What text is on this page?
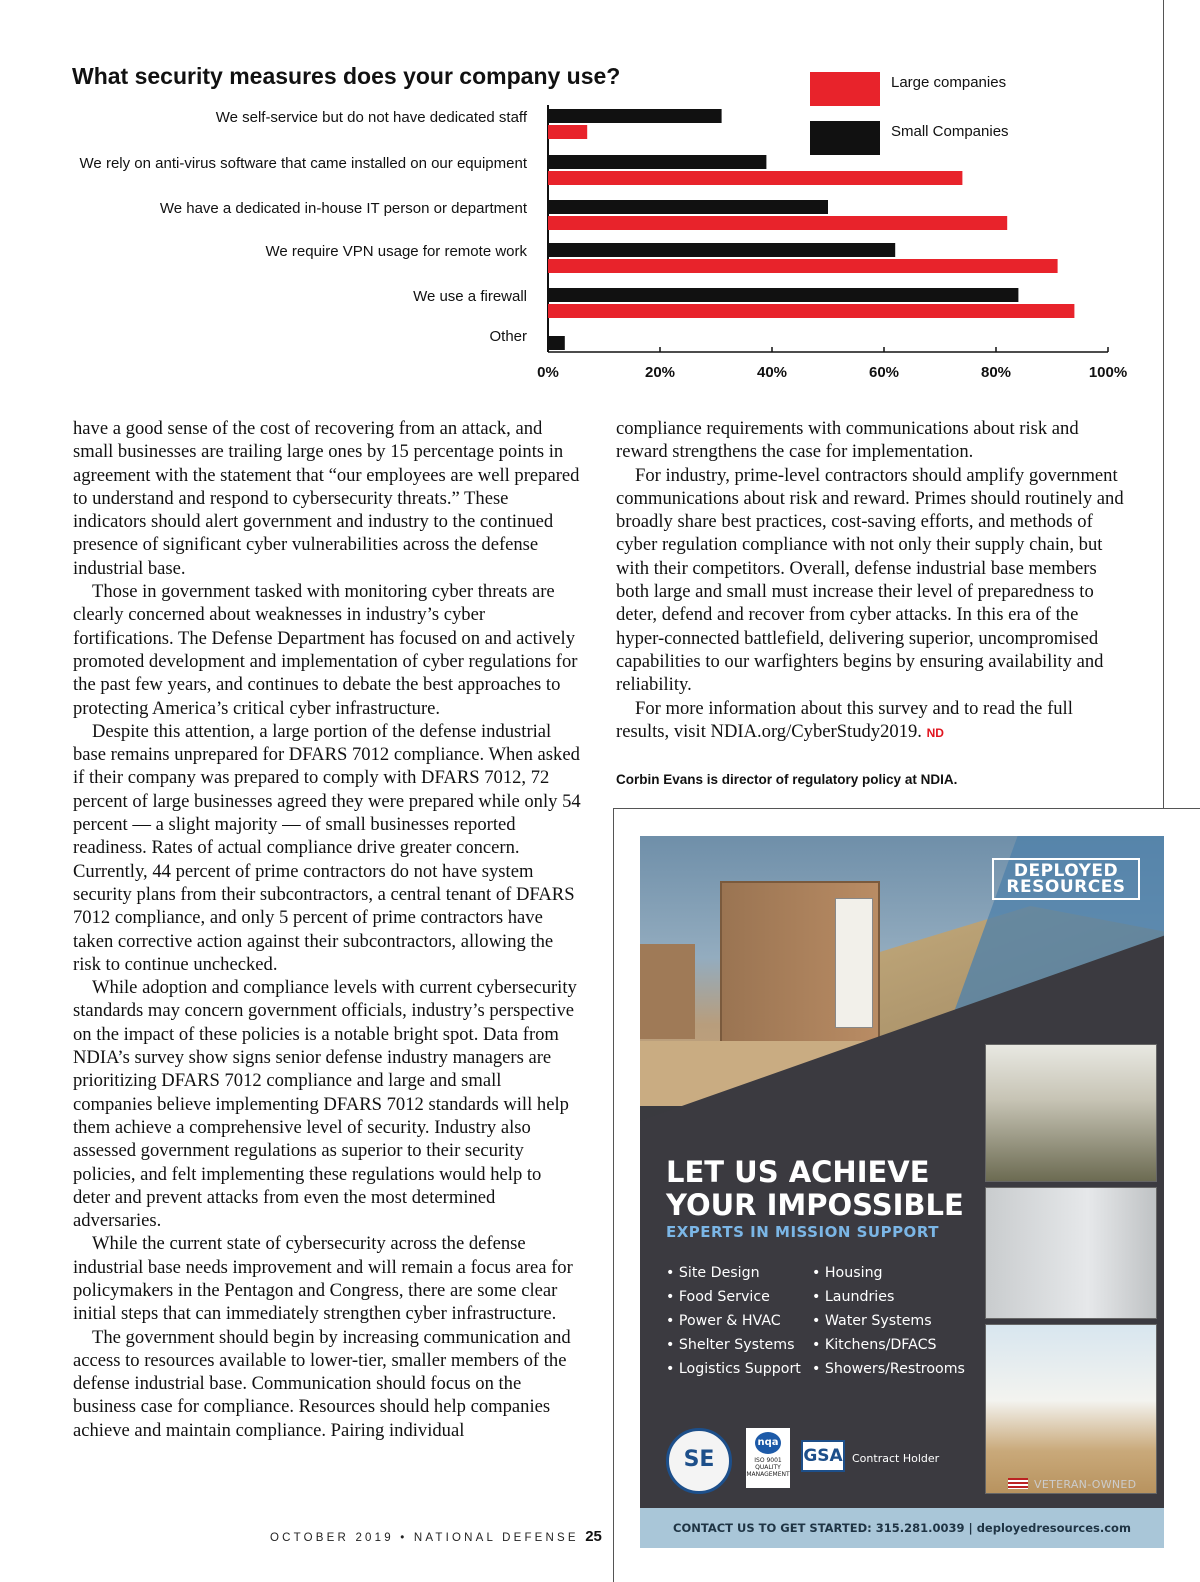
What security measures does your company use?
0%	20%	40%	60%	80%	100%
We self-service but do not have dedicated staff
We rely on anti-virus software that came installed on our equipment
We have a dedicated in-house IT person or department
We require VPN usage for remote work
We use a firewall
Other
Large companies
Small Companies

have a good sense of the cost of recovering from an attack, and small businesses are trailing large ones by 15 percentage points in agreement with the statement that “our employees are well prepared to understand and respond to cybersecurity threats.” These indicators should alert government and industry to the continued presence of significant cyber vulnerabilities across the defense industrial base.

Those in government tasked with monitoring cyber threats are clearly concerned about weaknesses in industry’s cyber fortifications. The Defense Department has focused on and actively promoted development and implementation of cyber regulations for the past few years, and continues to debate the best approaches to protecting America’s critical cyber infrastructure.

Despite this attention, a large portion of the defense industrial base remains unprepared for DFARS 7012 compliance. When asked if their company was prepared to comply with DFARS 7012, 72 percent of large businesses agreed they were prepared while only 54 percent — a slight majority — of small businesses reported readiness. Rates of actual compliance drive greater concern. Currently, 44 percent of prime contractors do not have system security plans from their subcontractors, a central tenant of DFARS 7012 compliance, and only 5 percent of prime contractors have taken corrective action against their subcontractors, allowing the risk to continue unchecked.

While adoption and compliance levels with current cybersecurity standards may concern government officials, industry’s perspective on the impact of these policies is a notable bright spot. Data from NDIA’s survey show signs senior defense industry managers are prioritizing DFARS 7012 compliance and large and small companies believe implementing DFARS 7012 standards will help them achieve a comprehensive level of security. Industry also assessed government regulations as superior to their security policies, and felt implementing these regulations would help to deter and prevent attacks from even the most determined adversaries.

While the current state of cybersecurity across the defense industrial base needs improvement and will remain a focus area for policymakers in the Pentagon and Congress, there are some clear initial steps that can immediately strengthen cyber infrastructure.

The government should begin by increasing communication and access to resources available to lower-tier, smaller members of the defense industrial base. Communication should focus on the business case for compliance. Resources should help companies achieve and maintain compliance. Pairing individual

compliance requirements with communications about risk and reward strengthens the case for implementation.

For industry, prime-level contractors should amplify government communications about risk and reward. Primes should routinely and broadly share best practices, cost-saving efforts, and methods of cyber regulation compliance with not only their supply chain, but with their competitors. Overall, defense industrial base members both large and small must increase their level of preparedness to deter, defend and recover from cyber attacks. In this era of the hyper-connected battlefield, delivering superior, uncompromised capabilities to our warfighters begins by ensuring availability and reliability.

For more information about this survey and to read the full results, visit NDIA.org/CyberStudy2019. ND

Corbin Evans is director of regulatory policy at NDIA.
OCTOBER 2019 • NATIONAL DEFENSE 25
DEPLOYED
RESOURCES
LET US ACHIEVE
YOUR IMPOSSIBLE
EXPERTS IN MISSION SUPPORT
• Site Design
• Food Service
• Power & HVAC
• Shelter Systems
• Logistics Support
• Housing
• Laundries
• Water Systems
• Kitchens/DFACS
• Showers/Restrooms
SE
nqa
ISO 9001
QUALITY MANAGEMENT
GSA Contract Holder
VETERAN-OWNED
CONTACT US TO GET STARTED: 315.281.0039 | deployedresources.com
